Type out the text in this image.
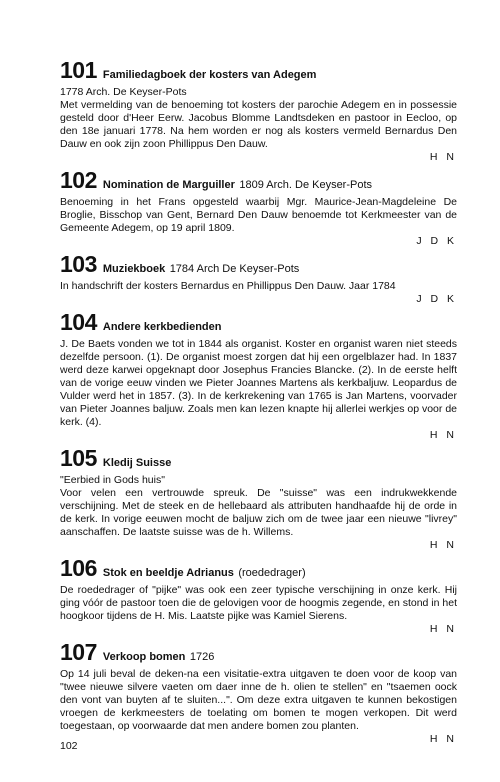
101 Familiedagboek der kosters van Adegem
1778 Arch. De Keyser-Pots
Met vermelding van de benoeming tot kosters der parochie Adegem en in possessie gesteld door d'Heer Eerw. Jacobus Blomme Landtsdeken en pastoor in Eecloo, op den 18e januari 1778. Na hem worden er nog als kosters vermeld Bernardus Den Dauw en ook zijn zoon Phillippus Den Dauw.
H N
102 Nomination de Marguiller 1809 Arch. De Keyser-Pots
Benoeming in het Frans opgesteld waarbij Mgr. Maurice-Jean-Magdeleine De Broglie, Bisschop van Gent, Bernard Den Dauw benoemde tot Kerkmeester van de Gemeente Adegem, op 19 april 1809.
J D K
103 Muziekboek 1784 Arch De Keyser-Pots
In handschrift der kosters Bernardus en Phillippus Den Dauw. Jaar 1784
J D K
104 Andere kerkbedienden
J. De Baets vonden we tot in 1844 als organist. Koster en organist waren niet steeds dezelfde persoon. (1). De organist moest zorgen dat hij een orgelblazer had. In 1837 werd deze karwei opgeknapt door Josephus Francies Blancke. (2). In de eerste helft van de vorige eeuw vinden we Pieter Joannes Martens als kerkbaljuw. Leopardus de Vulder werd het in 1857. (3). In de kerkrekening van 1765 is Jan Martens, voorvader van Pieter Joannes baljuw. Zoals men kan lezen knapte hij allerlei werkjes op voor de kerk. (4).
H N
105 Kledij Suisse
"Eerbied in Gods huis"
Voor velen een vertrouwde spreuk. De "suisse" was een indrukwekkende verschijning. Met de steek en de hellebaard als attributen handhaafde hij de orde in de kerk. In vorige eeuwen mocht de baljuw zich om de twee jaar een nieuwe "livrey" aanschaffen. De laatste suisse was de h. Willems.
H N
106 Stok en beeldje Adrianus (roededrager)
De roededrager of "pijke" was ook een zeer typische verschijning in onze kerk. Hij ging vóór de pastoor toen die de gelovigen voor de hoogmis zegende, en stond in het hoogkoor tijdens de H. Mis. Laatste pijke was Kamiel Sierens.
H N
107 Verkoop bomen 1726
Op 14 juli beval de deken-na een visitatie-extra uitgaven te doen voor de koop van "twee nieuwe silvere vaeten om daer inne de h. olien te stellen" en "tsaemen oock den vont van buyten af te sluiten...". Om deze extra uitgaven te kunnen bekostigen vroegen de kerkmeesters de toelating om bomen te mogen verkopen. Dit werd toegestaan, op voorwaarde dat men andere bomen zou planten.
H N
102
